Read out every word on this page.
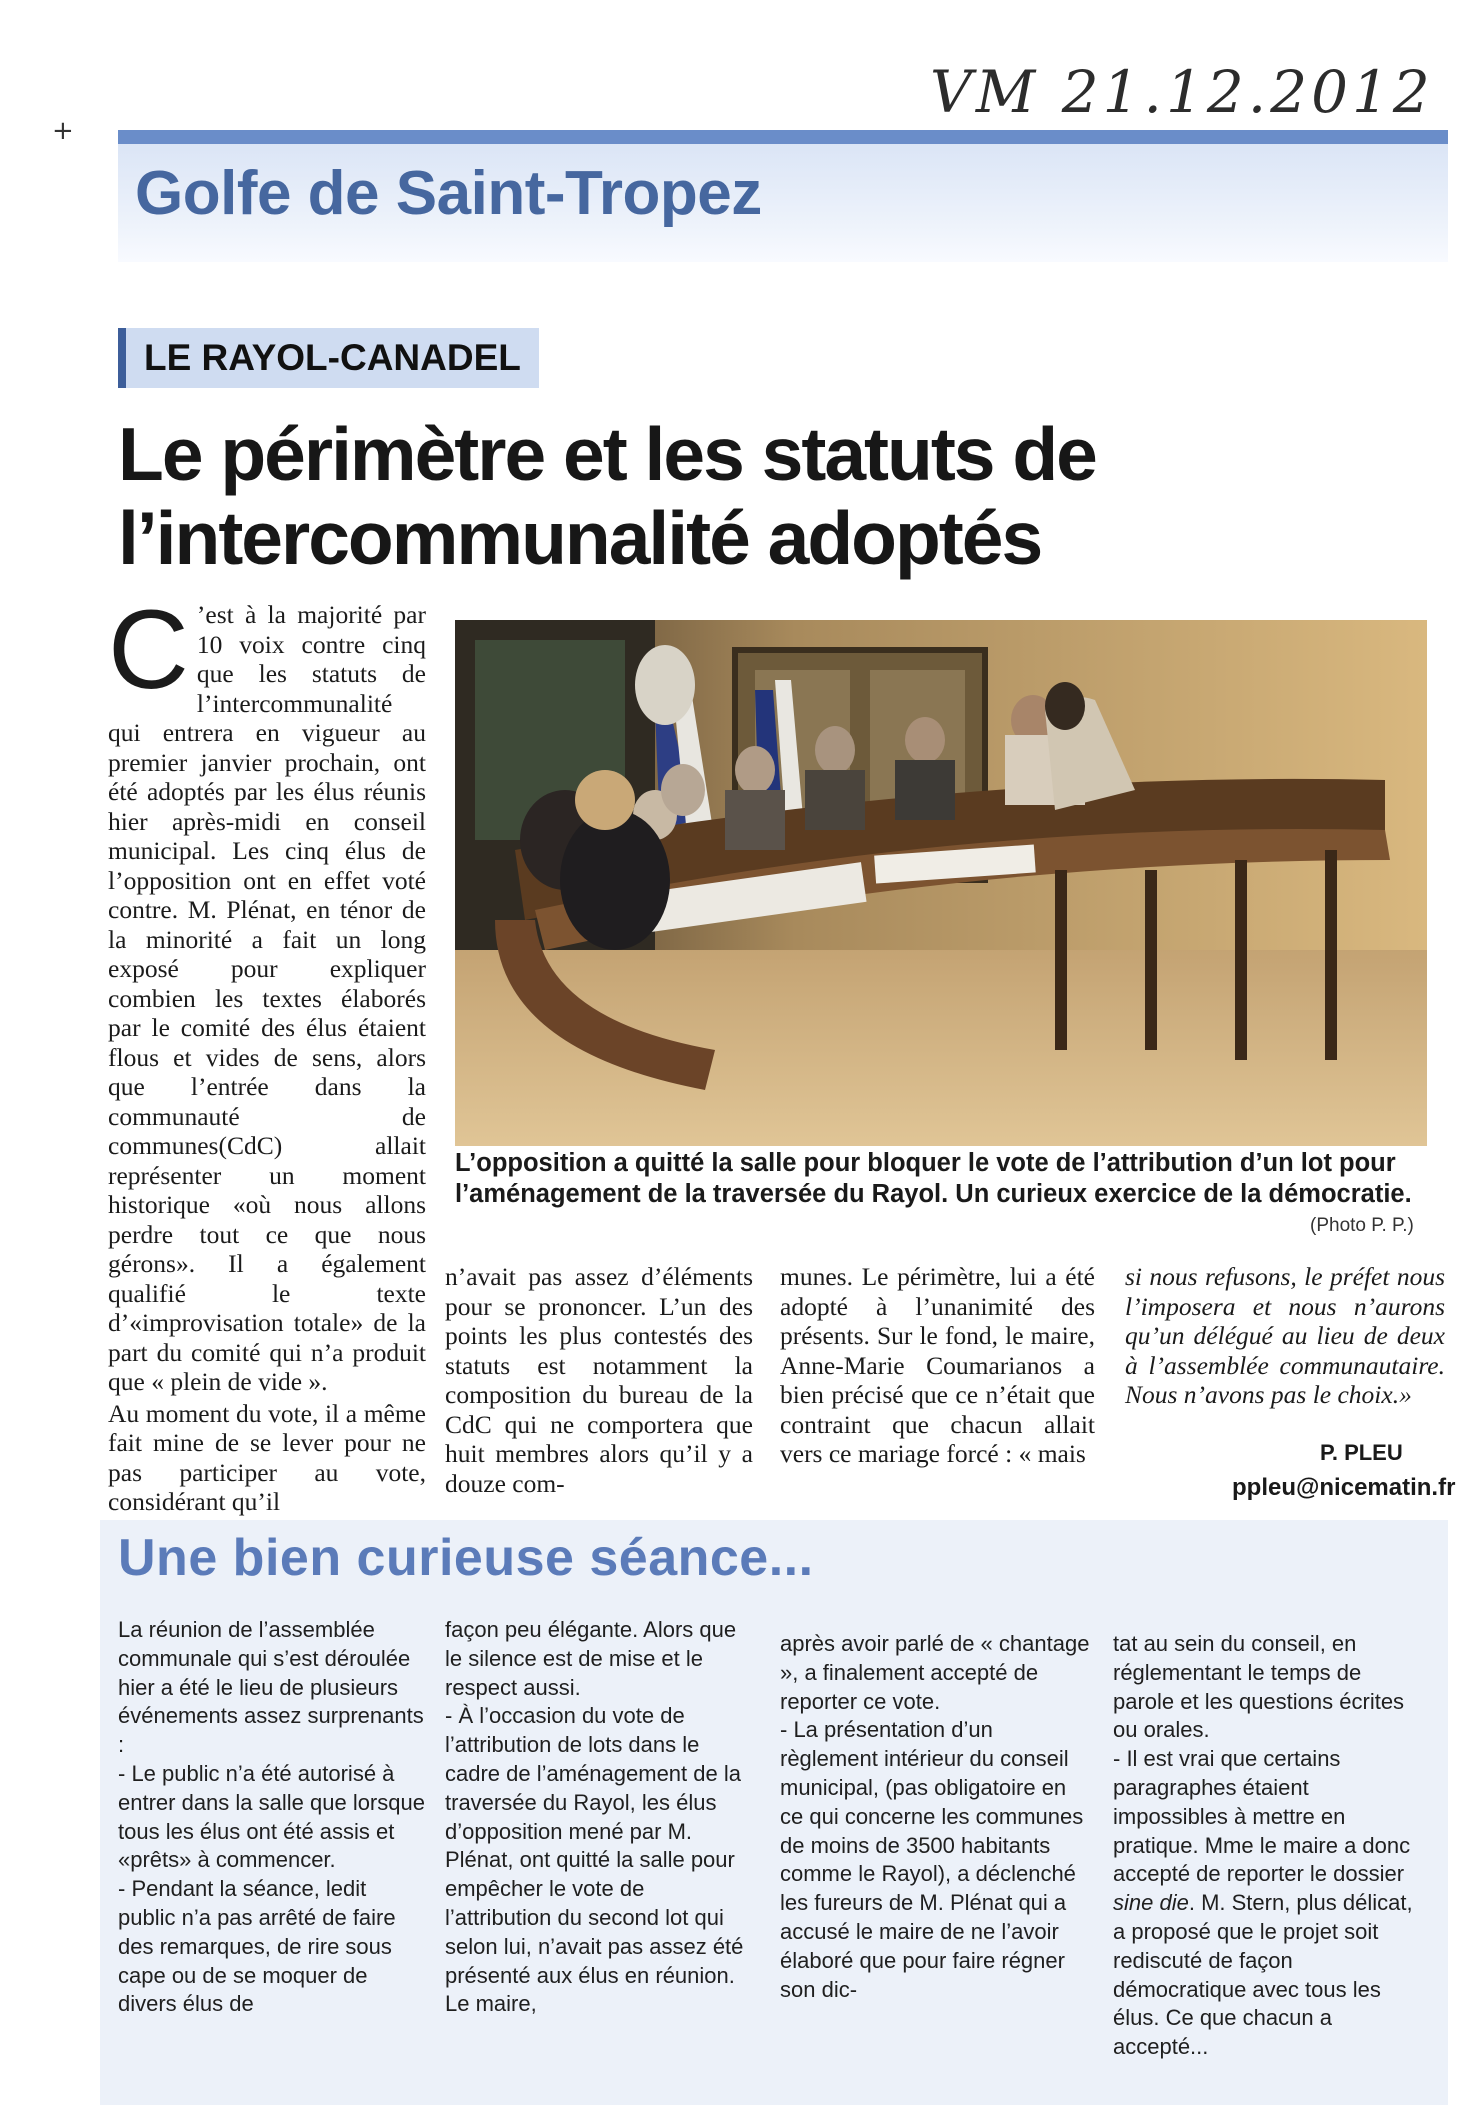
VM 21.12.2012
+
Golfe de Saint-Tropez
LE RAYOL-CANADEL
Le périmètre et les statuts de l’intercommunalité adoptés
C ’est à la majorité par 10 voix contre cinq que les statuts de l’intercommunalité qui entrera en vigueur au premier janvier prochain, ont été adoptés par les élus réunis hier après-midi en conseil municipal. Les cinq élus de l’opposition ont en effet voté contre. M. Plénat, en ténor de la minorité a fait un long exposé pour expliquer combien les textes élaborés par le comité des élus étaient flous et vides de sens, alors que l’entrée dans la communauté de communes(CdC) allait représenter un moment historique «où nous allons perdre tout ce que nous gérons». Il a également qualifié le texte d’«improvisation totale» de la part du comité qui n’a produit que « plein de vide ».

Au moment du vote, il a même fait mine de se lever pour ne pas participer au vote, considérant qu’il

L’opposition a quitté la salle pour bloquer le vote de l’attribution d’un lot pour l’aménagement de la traversée du Rayol. Un curieux exercice de la démocratie.

(Photo P. P.)

n’avait pas assez d’éléments pour se prononcer. L’un des points les plus contestés des statuts est notamment la composition du bureau de la CdC qui ne comportera que huit membres alors qu’il y a douze com-

munes. Le périmètre, lui a été adopté à l’unanimité des présents. Sur le fond, le maire, Anne-Marie Coumarianos a bien précisé que ce n’était que contraint que chacun allait vers ce mariage forcé : « mais

si nous refusons, le préfet nous l’imposera et nous n’aurons qu’un délégué au lieu de deux à l’assemblée communautaire. Nous n’avons pas le choix.»

P. PLEU
ppleu@nicematin.fr
Une bien curieuse séance...

La réunion de l’assemblée communale qui s’est déroulée hier a été le lieu de plusieurs événements assez surprenants :
- Le public n’a été autorisé à entrer dans la salle que lorsque tous les élus ont été assis et «prêts» à commencer.
- Pendant la séance, ledit public n’a pas arrêté de faire des remarques, de rire sous cape ou de se moquer de divers élus de

façon peu élégante. Alors que le silence est de mise et le respect aussi.
- À l’occasion du vote de l’attribution de lots dans le cadre de l’aménagement de la traversée du Rayol, les élus d’opposition mené par M. Plénat, ont quitté la salle pour empêcher le vote de l’attribution du second lot qui selon lui, n’avait pas assez été présenté aux élus en réunion. Le maire,

après avoir parlé de « chantage », a finalement accepté de reporter ce vote.
- La présentation d’un règlement intérieur du conseil municipal, (pas obligatoire en ce qui concerne les communes de moins de 3500 habitants comme le Rayol), a déclenché les fureurs de M. Plénat qui a accusé le maire de ne l’avoir élaboré que pour faire régner son dic-

tat au sein du conseil, en réglementant le temps de parole et les questions écrites ou orales.
- Il est vrai que certains paragraphes étaient impossibles à mettre en pratique. Mme le maire a donc accepté de reporter le dossier sine die. M. Stern, plus délicat, a proposé que le projet soit rediscuté de façon démocratique avec tous les élus. Ce que chacun a accepté...
